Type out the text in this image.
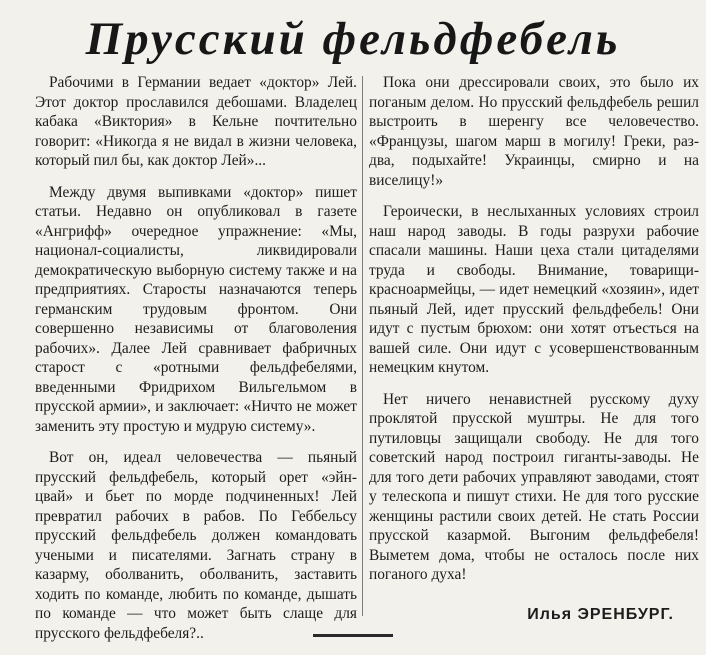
Прусский фельдфебель

Рабочими в Германии ведает «доктор» Лей. Этот доктор прославился дебошами. Владелец кабака «Виктория» в Кельне почтительно говорит: «Никогда я не видал в жизни человека, который пил бы, как доктор Лей»...

Между двумя выпивками «доктор» пишет статьи. Недавно он опубликовал в газете «Ангрифф» очередное упражнение: «Мы, национал-социалисты, ликвидировали демократическую выборную систему также и на предприятиях. Старосты назначаются теперь германским трудовым фронтом. Они совершенно независимы от благоволения рабочих». Далее Лей сравнивает фабричных старост с «ротными фельдфебелями, введенными Фридрихом Вильгельмом в прусской армии», и заключает: «Ничто не может заменить эту простую и мудрую систему».

Вот он, идеал человечества — пьяный прусский фельдфебель, который орет «эйн-цвай» и бьет по морде подчиненных! Лей превратил рабочих в рабов. По Геббельсу прусский фельдфебель должен командовать учеными и писателями. Загнать страну в казарму, оболванить, оболванить, заставить ходить по команде, любить по команде, дышать по команде — что может быть слаще для прусского фельдфебеля?..

Пока они дрессировали своих, это было их поганым делом. Но прусский фельдфебель решил выстроить в шеренгу все человечество. «Французы, шагом марш в могилу! Греки, раз-два, подыхайте! Украинцы, смирно и на виселицу!»

Героически, в неслыханных условиях строил наш народ заводы. В годы разрухи рабочие спасали машины. Наши цеха стали цитаделями труда и свободы. Внимание, товарищи-красноармейцы, — идет немецкий «хозяин», идет пьяный Лей, идет прусский фельдфебель! Они идут с пустым брюхом: они хотят отъесться на вашей силе. Они идут с усовершенствованным немецким кнутом.

Нет ничего ненавистней русскому духу проклятой прусской муштры. Не для того путиловцы защищали свободу. Не для того советский народ построил гиганты-заводы. Не для того дети рабочих управляют заводами, стоят у телескопа и пишут стихи. Не для того русские женщины растили своих детей. Не стать России прусской казармой. Выгоним фельдфебеля! Выметем дома, чтобы не осталось после них поганого духа!

Илья ЭРЕНБУРГ.
